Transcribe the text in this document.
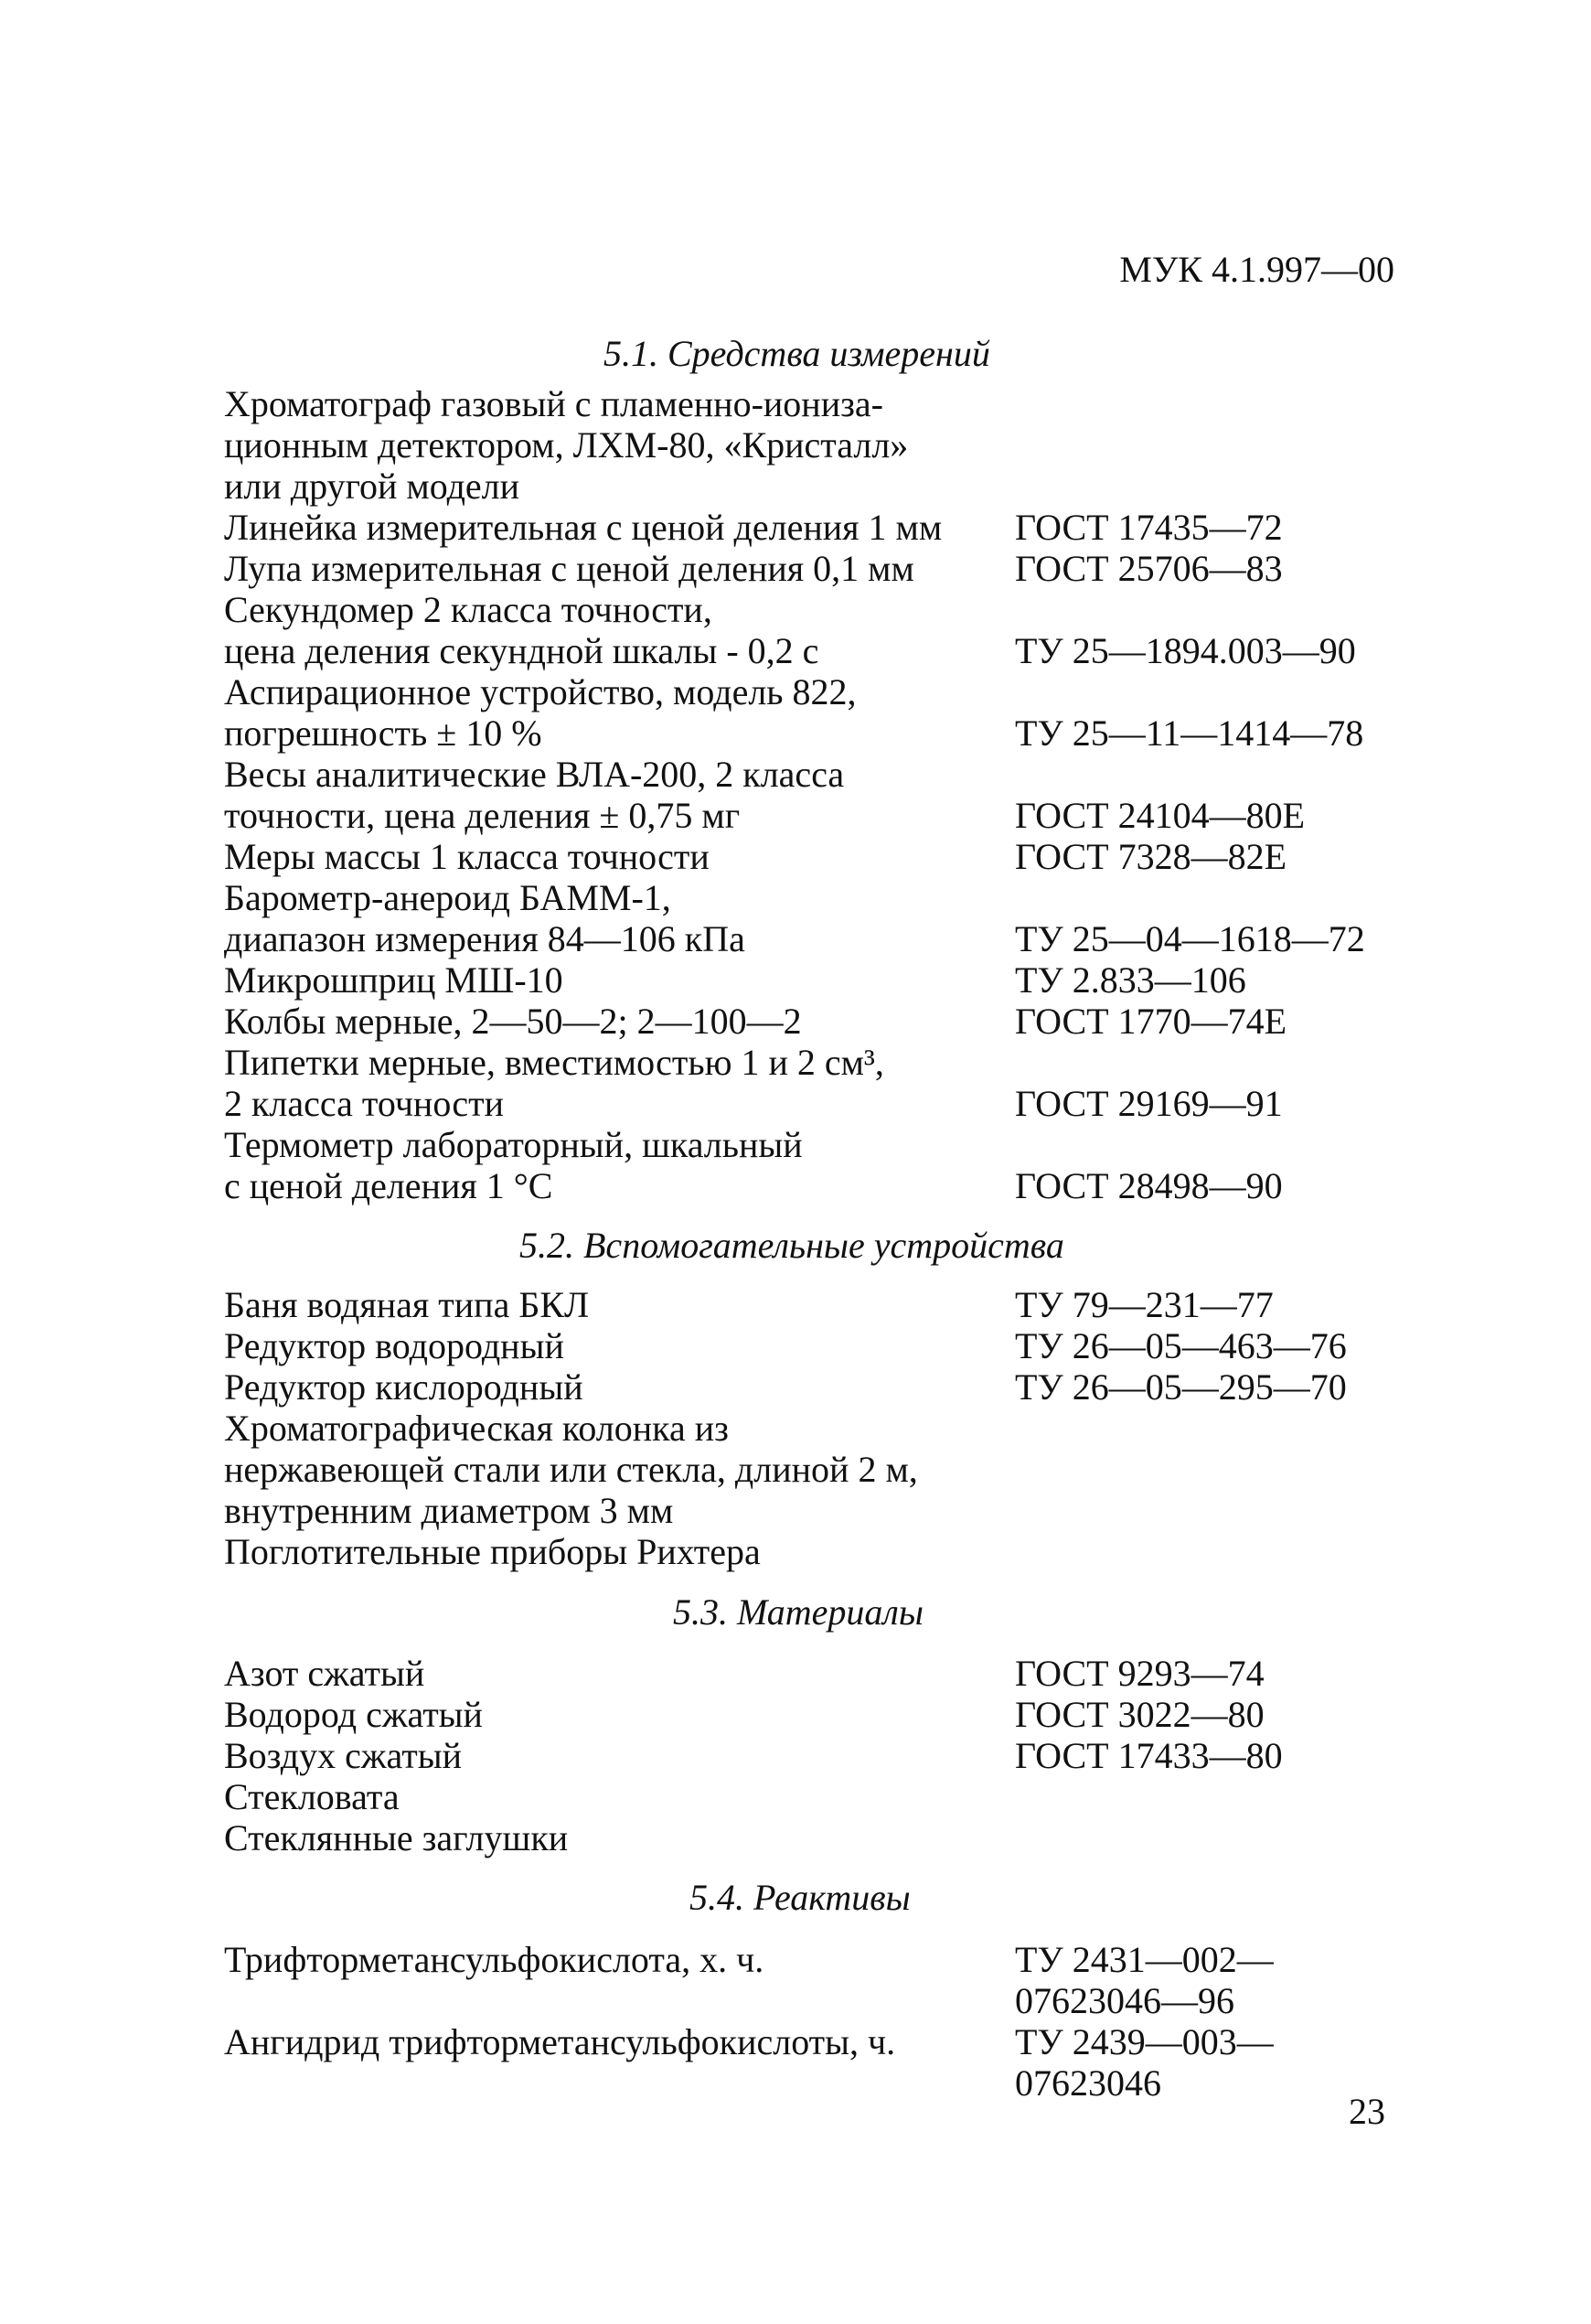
МУК 4.1.997—00
5.1. Средства измерений
Хроматограф газовый с пламенно-иониза-
ционным детектором, ЛХМ-80, «Кристалл»
или другой модели
Линейка измерительная с ценой деления 1 мм ГОСТ 17435—72
Лупа измерительная с ценой деления 0,1 мм	ГОСТ 25706—83
Секундомер 2 класса точности,
цена деления секундной шкалы - 0,2 с	ТУ 25—1894.003—90
Аспирационное устройство, модель 822,
погрешность ± 10 %	ТУ 25—11—1414—78
Весы аналитические ВЛА-200, 2 класса
точности, цена деления ± 0,75 мг	ГОСТ 24104—80Е
Меры массы 1 класса точности	ГОСТ 7328—82Е
Барометр-анероид БАММ-1,
диапазон измерения 84—106 кПа	ТУ 25—04—1618—72
Микрошприц МШ-10	ТУ 2.833—106
Колбы мерные, 2—50—2; 2—100—2	ГОСТ 1770—74Е
Пипетки мерные, вместимостью 1 и 2 см³,
2 класса точности	ГОСТ 29169—91
Термометр лабораторный, шкальный
с ценой деления 1 °С	ГОСТ 28498—90
5.2. Вспомогательные устройства
Баня водяная типа БКЛ	ТУ 79—231—77
Редуктор водородный	ТУ 26—05—463—76
Редуктор кислородный	ТУ 26—05—295—70
Хроматографическая колонка из
нержавеющей стали или стекла, длиной 2 м,
внутренним диаметром 3 мм
Поглотительные приборы Рихтера
5.3. Материалы
Азот сжатый	ГОСТ 9293—74
Водород сжатый	ГОСТ 3022—80
Воздух сжатый	ГОСТ 17433—80
Стекловата
Стеклянные заглушки
5.4. Реактивы
Трифторметансульфокислота, х. ч.	ТУ 2431—002—
07623046—96
Ангидрид трифторметансульфокислоты, ч.	ТУ 2439—003—
07623046
23
